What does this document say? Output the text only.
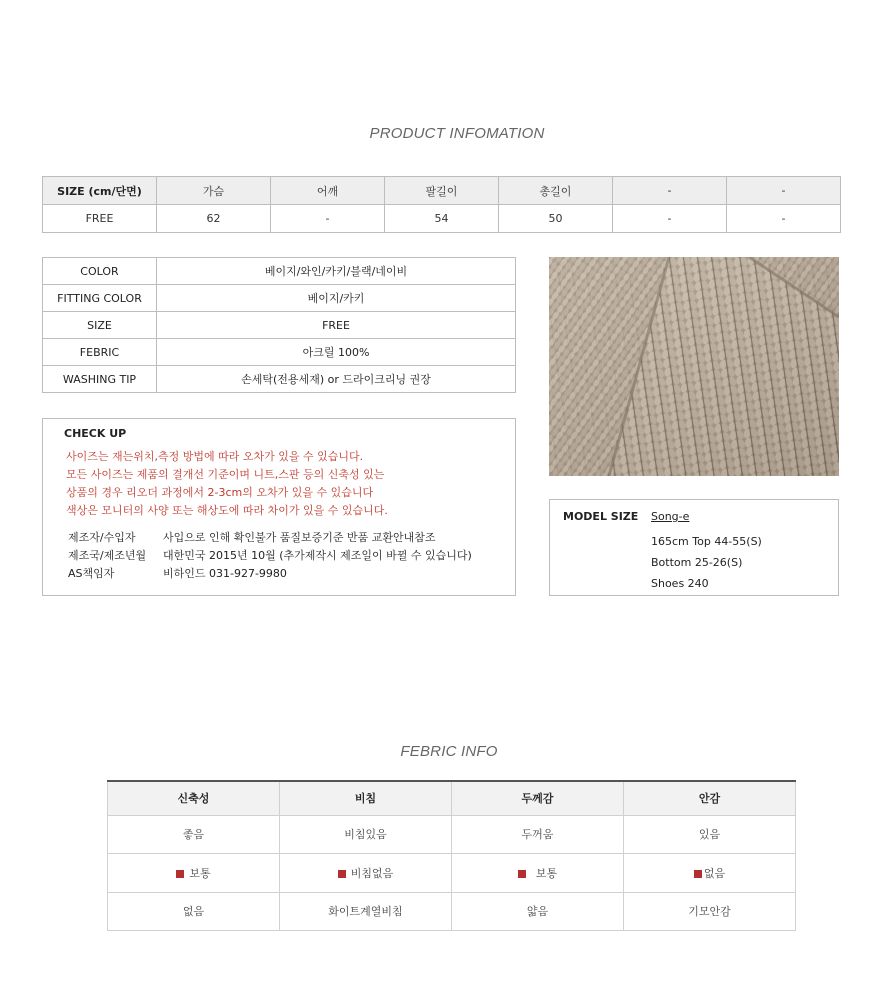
PRODUCT INFOMATION
SIZE (cm/단면)	가슴	어깨	팔길이	총길이	-	-
FREE	62	-	54	50	-	-
COLOR	베이지/와인/카키/블랙/네이비
FITTING COLOR	베이지/카키
SIZE	FREE
FEBRIC	아크릴 100%
WASHING TIP	손세탁(전용세재) or 드라이크리닝 권장
CHECK UP
사이즈는 재는위치,측정 방법에 따라 오차가 있을 수 있습니다.
모든 사이즈는 제품의 결개선 기준이며 니트,스판 등의 신축성 있는
상품의 경우 리오더 과정에서 2-3cm의 오차가 있을 수 있습니다
색상은 모니터의 사양 또는 해상도에 따라 차이가 있을 수 있습니다.
제조자/수입자	사입으로 인해 확인불가 품질보증기준 반품 교환안내참조
제조국/제조년월	대한민국 2015년 10월 (추가제작시 제조일이 바뀔 수 있습니다)
AS책임자	비하인드 031-927-9980
MODEL SIZE Song-e
165cm Top 44-55(S)
Bottom 25-26(S)
Shoes 240
FEBRIC INFO
신축성	비침	두께감	안감
좋음	비침있음	두꺼움	있음
보통	비침없음	보통	없음
없음	화이트계열비침	얇음	기모안감
